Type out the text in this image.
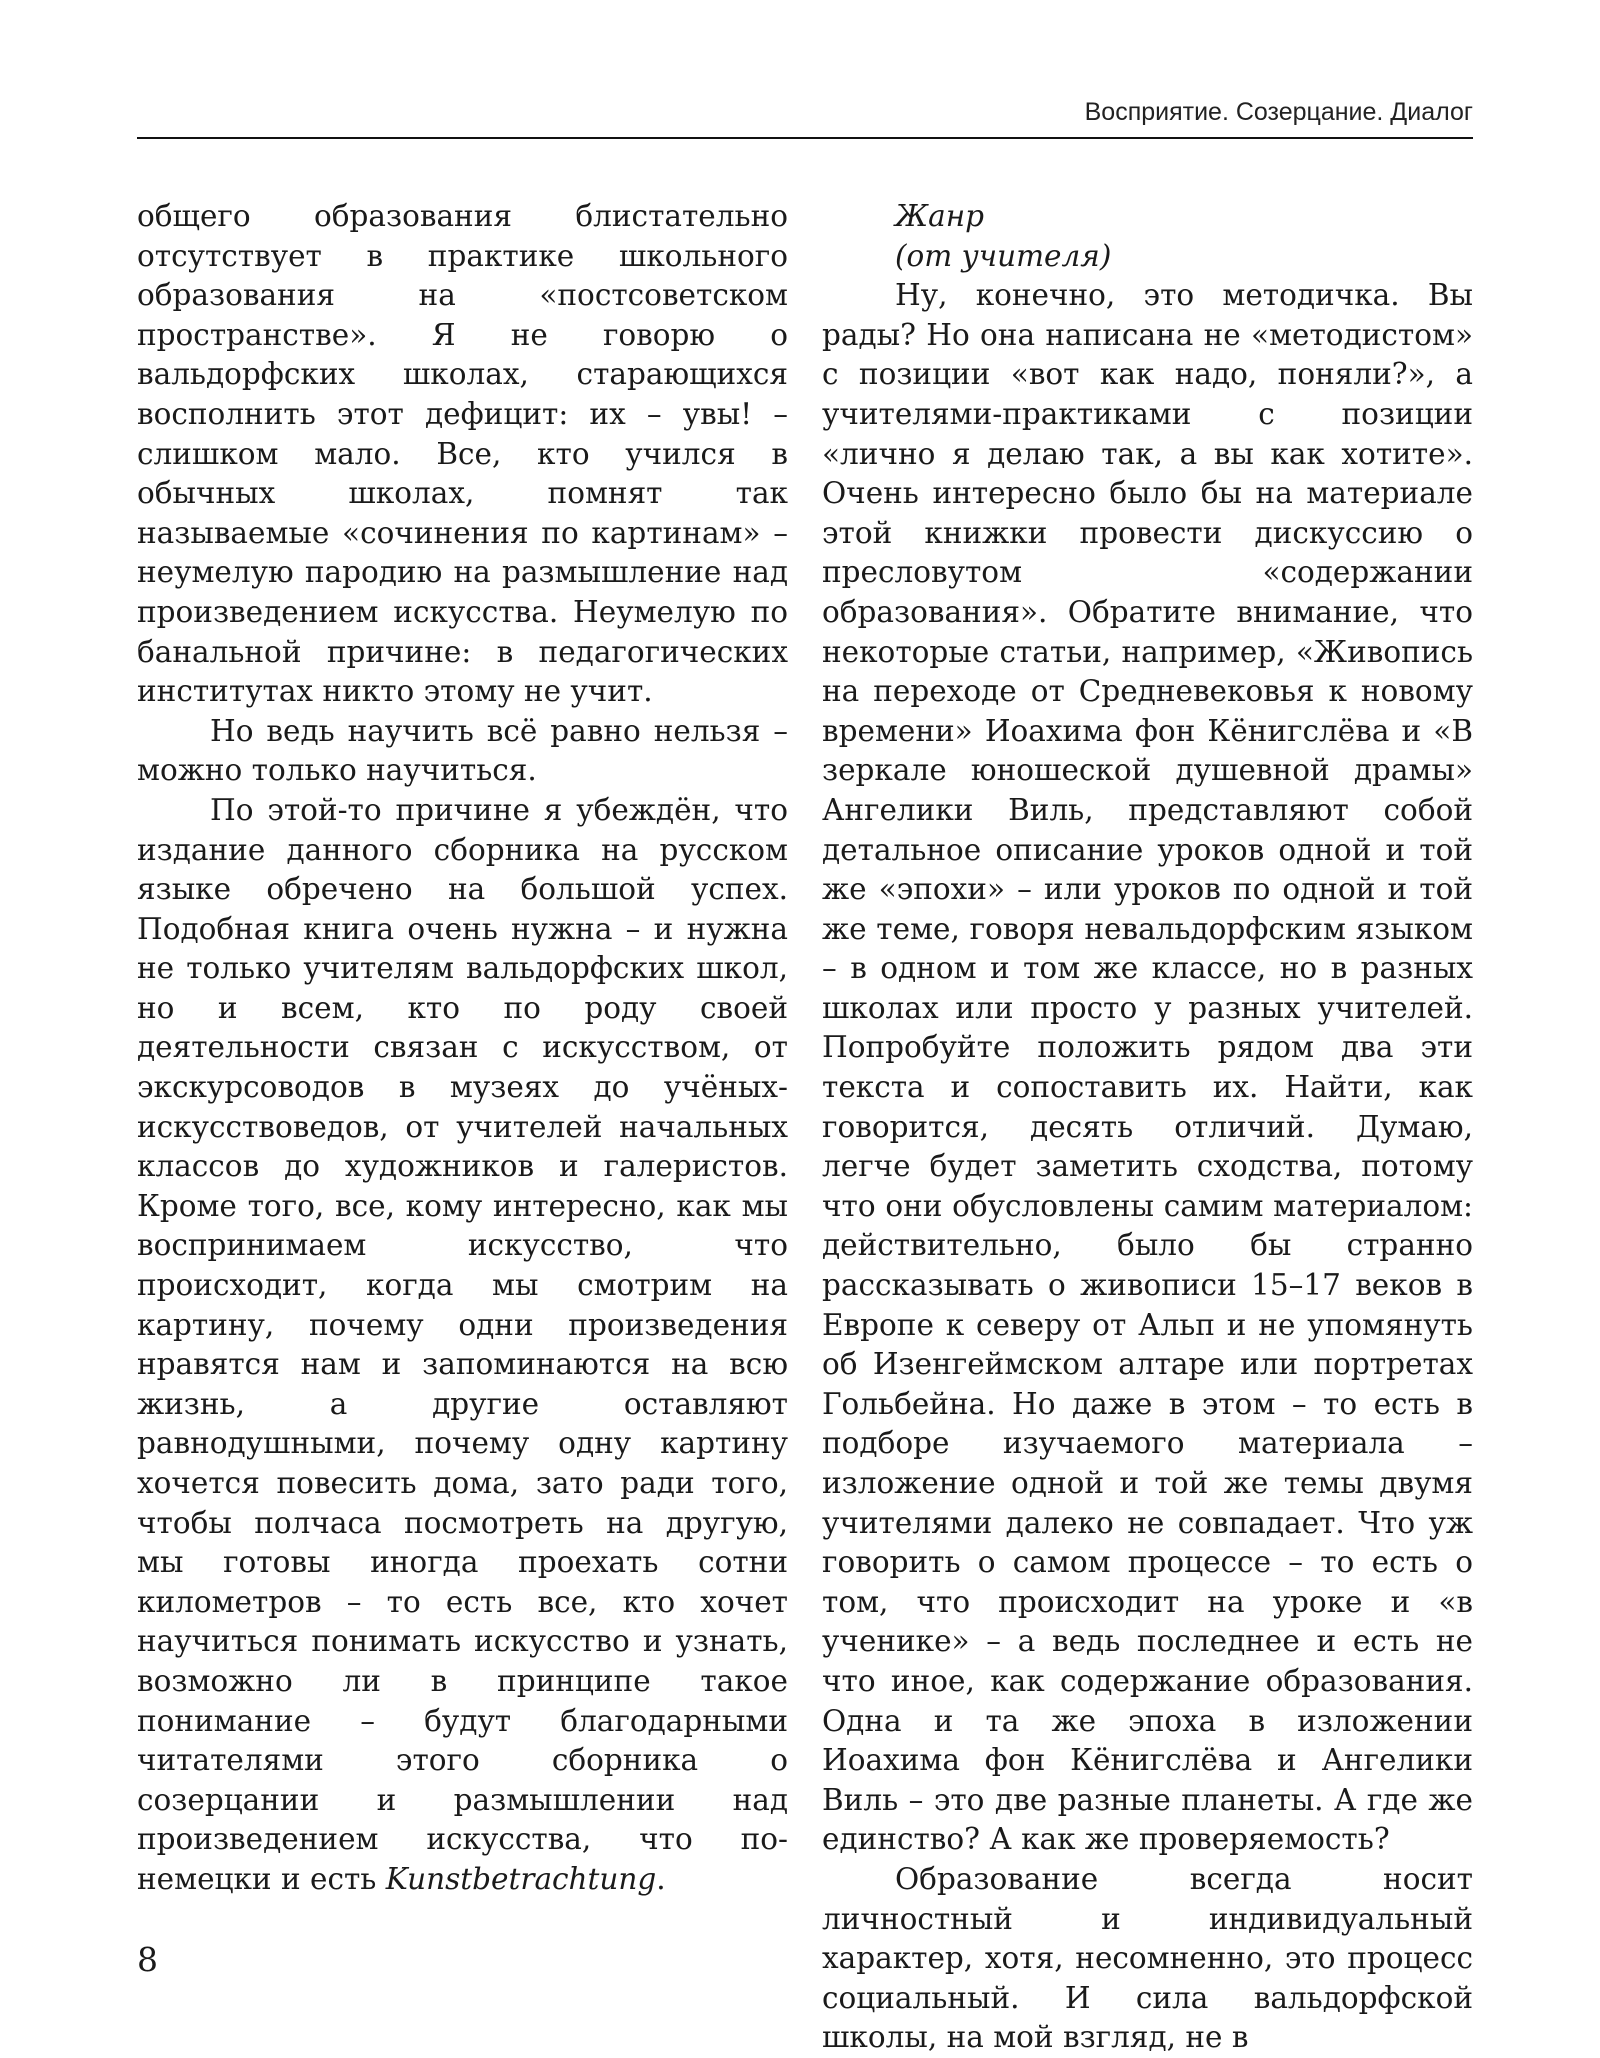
Восприятие. Созерцание. Диалог

общего образования блистательно отсутствует в практике школьного образования на «постсоветском пространстве». Я не говорю о вальдорфских школах, старающихся восполнить этот дефицит: их – увы! – слишком мало. Все, кто учился в обычных школах, помнят так называемые «сочинения по картинам» – неумелую пародию на размышление над произведением искусства. Неумелую по банальной причине: в педагогических институтах никто этому не учит.

Но ведь научить всё равно нельзя – можно только научиться.

По этой-то причине я убеждён, что издание данного сборника на русском языке обречено на большой успех. Подобная книга очень нужна – и нужна не только учителям вальдорфских школ, но и всем, кто по роду своей деятельности связан с искусством, от экскурсоводов в музеях до учёных-искусствоведов, от учителей начальных классов до художников и галеристов. Кроме того, все, кому интересно, как мы воспринимаем искусство, что происходит, когда мы смотрим на картину, почему одни произведения нравятся нам и запоминаются на всю жизнь, а другие оставляют равнодушными, почему одну картину хочется повесить дома, зато ради того, чтобы полчаса посмотреть на другую, мы готовы иногда проехать сотни километров – то есть все, кто хочет научиться понимать искусство и узнать, возможно ли в принципе такое понимание – будут благодарными читателями этого сборника о созерцании и размышлении над произведением искусства, что по-немецки и есть Kunstbetrachtung.

Жанр
(от учителя)

Ну, конечно, это методичка. Вы рады? Но она написана не «методистом» с позиции «вот как надо, поняли?», а учителями-практиками с позиции «лично я делаю так, а вы как хотите». Очень интересно было бы на материале этой книжки провести дискуссию о пресловутом «содержании образования». Обратите внимание, что некоторые статьи, например, «Живопись на переходе от Средневековья к новому времени» Иоахима фон Кёнигслёва и «В зеркале юношеской душевной драмы» Ангелики Виль, представляют собой детальное описание уроков одной и той же «эпохи» – или уроков по одной и той же теме, говоря невальдорфским языком – в одном и том же классе, но в разных школах или просто у разных учителей. Попробуйте положить рядом два эти текста и сопоставить их. Найти, как говорится, десять отличий. Думаю, легче будет заметить сходства, потому что они обусловлены самим материалом: действительно, было бы странно рассказывать о живописи 15–17 веков в Европе к северу от Альп и не упомянуть об Изенгеймском алтаре или портретах Гольбейна. Но даже в этом – то есть в подборе изучаемого материала – изложение одной и той же темы двумя учителями далеко не совпадает. Что уж говорить о самом процессе – то есть о том, что происходит на уроке и «в ученике» – а ведь последнее и есть не что иное, как содержание образования. Одна и та же эпоха в изложении Иоахима фон Кёнигслёва и Ангелики Виль – это две разные планеты. А где же единство? А как же проверяемость?

Образование всегда носит личностный и индивидуальный характер, хотя, несомненно, это процесс социальный. И сила вальдорфской школы, на мой взгляд, не в

8
